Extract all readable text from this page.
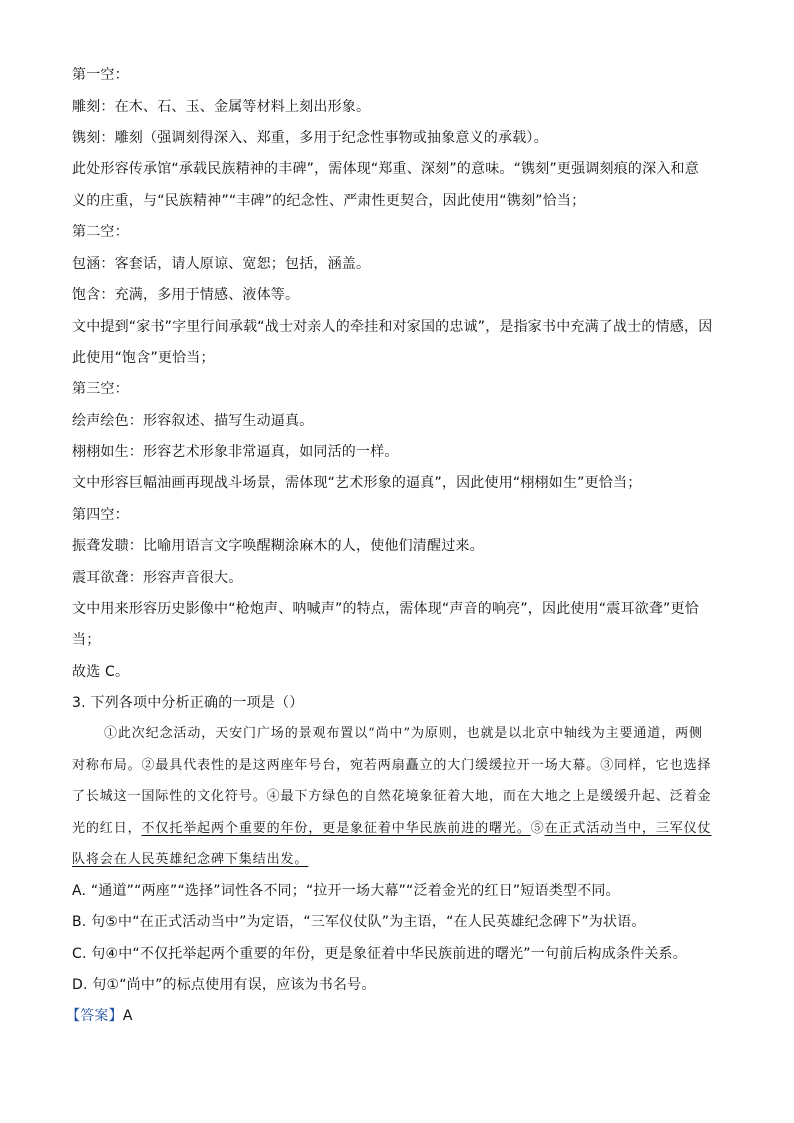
第一空：
雕刻：在木、石、玉、金属等材料上刻出形象。
镌刻：雕刻（强调刻得深入、郑重，多用于纪念性事物或抽象意义的承载）。
此处形容传承馆“承载民族精神的丰碑”，需体现“郑重、深刻”的意味。“镌刻”更强调刻痕的深入和意
义的庄重，与“民族精神”“丰碑”的纪念性、严肃性更契合，因此使用“镌刻”恰当；
第二空：
包涵：客套话，请人原谅、宽恕；包括，涵盖。
饱含：充满，多用于情感、液体等。
文中提到“家书”字里行间承载“战士对亲人的牵挂和对家国的忠诚”，是指家书中充满了战士的情感，因
此使用“饱含”更恰当；
第三空：
绘声绘色：形容叙述、描写生动逼真。
栩栩如生：形容艺术形象非常逼真，如同活的一样。
文中形容巨幅油画再现战斗场景，需体现“艺术形象的逼真”，因此使用“栩栩如生”更恰当；
第四空：
振聋发聩：比喻用语言文字唤醒糊涂麻木的人，使他们清醒过来。
震耳欲聋：形容声音很大。
文中用来形容历史影像中“枪炮声、呐喊声”的特点，需体现“声音的响亮”，因此使用“震耳欲聋”更恰
当；
故选 C。
3. 下列各项中分析正确的一项是（）
①此次纪念活动，天安门广场的景观布置以“尚中”为原则，也就是以北京中轴线为主要通道，两侧
对称布局。②最具代表性的是这两座年号台，宛若两扇矗立的大门缓缓拉开一场大幕。③同样，它也选择
了长城这一国际性的文化符号。④最下方绿色的自然花境象征着大地，而在大地之上是缓缓升起、泛着金
光的红日，不仅托举起两个重要的年份，更是象征着中华民族前进的曙光。⑤在正式活动当中，三军仪仗
队将会在人民英雄纪念碑下集结出发。
A. “通道”“两座”“选择”词性各不同；“拉开一场大幕”“泛着金光的红日”短语类型不同。
B. 句⑤中“在正式活动当中”为定语，“三军仪仗队”为主语，“在人民英雄纪念碑下”为状语。
C. 句④中“不仅托举起两个重要的年份，更是象征着中华民族前进的曙光”一句前后构成条件关系。
D. 句①“尚中”的标点使用有误，应该为书名号。
【答案】A
